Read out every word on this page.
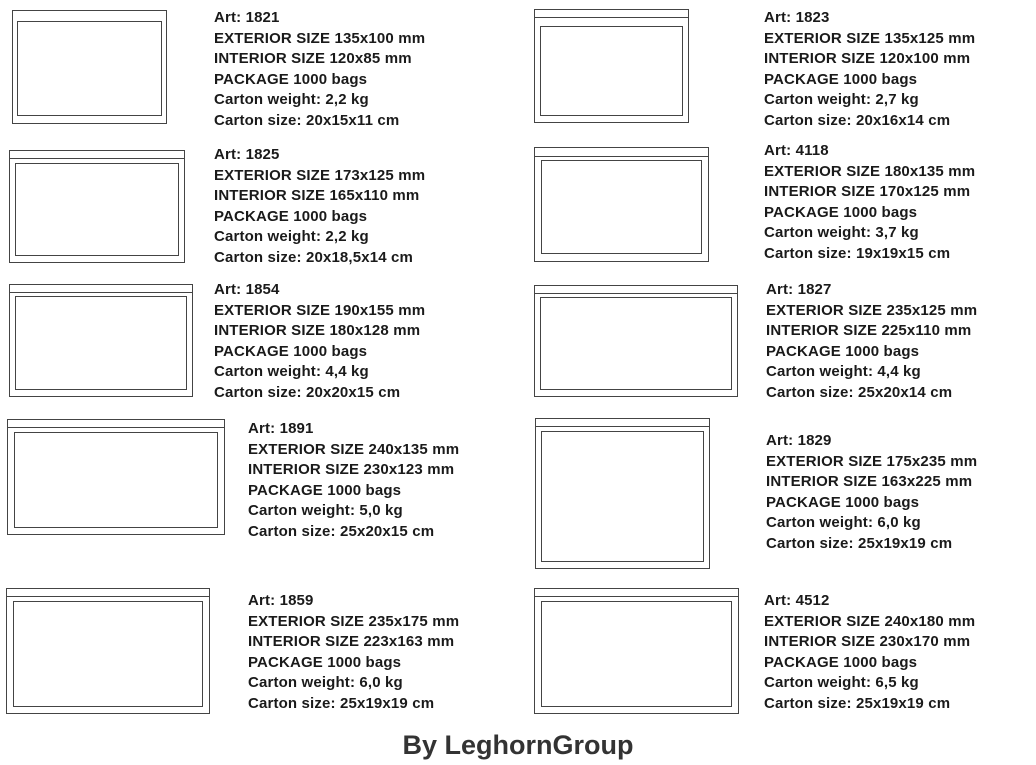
Art: 1821
EXTERIOR SIZE 135x100 mm
INTERIOR SIZE 120x85 mm
PACKAGE 1000 bags
Carton weight: 2,2 kg
Carton size: 20x15x11 cm
Art: 1823
EXTERIOR SIZE 135x125 mm
INTERIOR SIZE 120x100 mm
PACKAGE 1000 bags
Carton weight: 2,7 kg
Carton size: 20x16x14 cm
Art: 1825
EXTERIOR SIZE 173x125 mm
INTERIOR SIZE 165x110 mm
PACKAGE 1000 bags
Carton weight: 2,2 kg
Carton size: 20x18,5x14 cm
Art: 4118
EXTERIOR SIZE 180x135 mm
INTERIOR SIZE 170x125 mm
PACKAGE 1000 bags
Carton weight: 3,7 kg
Carton size: 19x19x15 cm
Art: 1854
EXTERIOR SIZE 190x155 mm
INTERIOR SIZE 180x128 mm
PACKAGE 1000 bags
Carton weight: 4,4 kg
Carton size: 20x20x15 cm
Art: 1827
EXTERIOR SIZE 235x125 mm
INTERIOR SIZE 225x110 mm
PACKAGE 1000 bags
Carton weight: 4,4 kg
Carton size: 25x20x14 cm
Art: 1891
EXTERIOR SIZE 240x135 mm
INTERIOR SIZE 230x123 mm
PACKAGE 1000 bags
Carton weight: 5,0 kg
Carton size: 25x20x15 cm
Art: 1829
EXTERIOR SIZE 175x235 mm
INTERIOR SIZE 163x225 mm
PACKAGE 1000 bags
Carton weight: 6,0 kg
Carton size: 25x19x19 cm
Art: 1859
EXTERIOR SIZE 235x175 mm
INTERIOR SIZE 223x163 mm
PACKAGE 1000 bags
Carton weight: 6,0 kg
Carton size: 25x19x19 cm
Art: 4512
EXTERIOR SIZE 240x180 mm
INTERIOR SIZE 230x170 mm
PACKAGE 1000 bags
Carton weight: 6,5 kg
Carton size: 25x19x19 cm
By LeghornGroup
